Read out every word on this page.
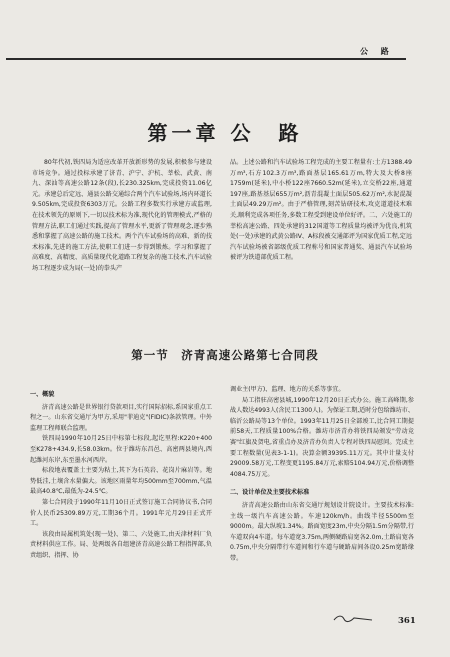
公 路
第一章 公　路

80年代初,铁四局为适应改革开放新形势的发展,积极参与建设市场竞争。通过投标承建了济青、沪宁、沪杭、莘松、武黄、南九、深汕等高速公路12条(段),长230.325km,完成投资11.06亿元。承建总后定远、通县公路交通综合两个汽车试验场,场内环道长9.505km,完成投资6303万元。公路工程多数实行承建方或监理,在技术领先的原则下,一切以技术标为准,现代化的管理模式,严格的管理方法,职工们通过实践,提高了管理水平,更新了管理观念,逐步熟悉和掌握了高速公路的施工技术。两个汽车试验场的高难、新的技术标准,先进的施工方法,使职工们进一步得到锻炼。学习和掌握了高难度、高精度、高质量现代化道路工程复杂的施工技术,汽车试验场工程逐步成为局(一处)的拳头产

品。上述公路和汽车试验场工程完成的主要工程量有:土方1388.49万m³,石方102.3万m³,路面基层165.61万m,特大及大桥8座1759m(延米),中小桥122座7660.52m(延米),立交桥22座,通道197座,路基基层655万m²,沥青混凝土面层505.62万m²,水泥混凝土面层49.29万m²。由于严格管理,刻苦钻研技术,攻克道道技术难关,顺利完成各项任务,多数工程受到建设单位好评。二、六处施工的莘松高速公路、四处承建的312国道等工程质量均被评为优良,机筑处(一处)承建的武黄公路IV、A标段被交通部评为国家优质工程,定远汽车试验场被省部级优质工程称号和国家普通奖、通县汽车试验场被评为铁道部优质工程。

第一节　济青高速公路第七合同段

一、概貌

济青高速公路是世界银行贷款项目,实行国际招标,系国家重点工程之一。山东省交通厅为甲方,采用"菲迪克"(FIDIC)条款管理。中外监理工程师联合监理。

铁四局1990年10月25日中标第七标段,起讫里程:K220+400至K278+434.9,长58.03km。位于潍坊东昌邑、高密两县境内,西起潍河东岸,东至墨水河西岸。

标段地表覆盖土主要为粘土,其下为石英岩、花岗片麻岩等。地势低洼,土壤含水量偏大。该地区雨量年均500mm至700mm,气温最高40.8℃,最低为-24.5℃。

第七合同段于1990年11月10日正式签订施工合同协议书,合同价人民币25309.89万元,工期36个月。1991年元月29日正式开工。

该段由局属机筑处(现一处)、第二、六处施工,由天津材料厂负责材料供应工作。局、处两级各自组建济青高速公路工程指挥部,负责组织、指挥、协

调业主(甲方)、监理、地方的关系等事宜。

局工指驻高密县城,1990年12月20日正式办公。施工高峰期,参战人数达4993人(含民工1300人)。为保证工期,适时分包给潍坊市、临沂公路局等13个单位。1993年11月25日全部竣工,比合同工期提前58天,工程质量100%合格。潍坊市济青办将铁四局颁发"劳动竞赛"红旗及贺电,省重点办及济青办负责人专程对铁四局慰问。完成主要工程数量(见表3-1-1)。决算金额39395.11万元。其中计量支付29009.58万元,工程变更1195.84万元,索赔5104.94万元,价格调整4084.75万元。

二、设计单位及主要技术标准

济青高速公路由山东省交通厅规划设计院设计。主要技术标准:主线一级汽车高速公路。车速120km/h。曲线半径5500m至9000m。最大纵坡1.34%。路面宽度23m,中央分隔1.5m分隔带,行车道双向4车道。每车道宽3.75m,两侧硬路肩宽各2.0m,土路肩宽各0.75m,中央分隔带行车道间和行车道与硬路肩间各设0.25m宽路缘带。

361
